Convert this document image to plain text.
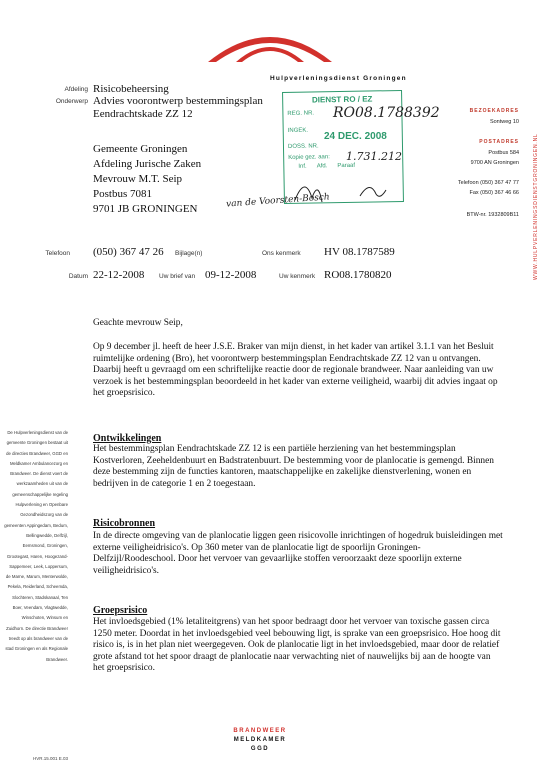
Hulpverleningsdienst Groningen
Afdeling Risicobeheersing
Onderwerp Advies voorontwerp bestemmingsplan
Eendrachtskade ZZ 12
Gemeente Groningen
Afdeling Jurische Zaken
Mevrouw M.T. Seip
Postbus 7081
9701 JB GRONINGEN	van de Voorsten-Bosch
DIENST RO / EZ
REG. NR.
INGEK.
DOSS. NR.
Kopie gez. aan:
Inf. Afd. Paraaf
RO08.1788392
24 DEC. 2008
1.731.212
BEZOEKADRES
Sontweg 10
POSTADRES
Postbus 584
9700 AN Groningen
Telefoon (050) 367 47 77
Fax (050) 367 46 66
BTW-nr. 1932809B11	WWW.HULPVERLENINGSDIENSTGRONINGEN.NL
Telefoon (050) 367 47 26 Bijlage(n)	Ons kenmerk HV 08.1787589
Datum 22-12-2008 Uw brief van 09-12-2008	Uw kenmerk RO08.1780820
De Hulpverleningsdienst van de gemeente Groningen bestaat uit de directies Brandweer, GGD en Meldkamer Ambulancezorg en Brandweer. De dienst voert de werkzaamheden uit van de gemeenschappelijke regeling Hulpverlening en Openbare Gezondheidszorg van de gemeenten Appingedam, Bedum, Bellingwedde, Delfzijl, Eemsmond, Groningen, Grootegast, Haren, Hoogezand-Sappemeer, Leek, Loppersum, de Marne, Marum, Menterwolde, Pekela, Reiderland, Scheemda, Slochteren, Stadskanaal, Ten Boer, Veendam, Vlagtwedde, Winschoten, Winsum en Zuidhorn. De directie Brandweer treedt op als brandweer van de stad Groningen en als Regionale Brandweer.
Geachte mevrouw Seip,
Op 9 december jl. heeft de heer J.S.E. Braker van mijn dienst, in het kader van artikel 3.1.1 van het Besluit ruimtelijke ordening (Bro), het voorontwerp bestemmingsplan Eendrachtskade ZZ 12 van u ontvangen. Daarbij heeft u gevraagd om een schriftelijke reactie door de regionale brandweer. Naar aanleiding van uw verzoek is het bestemmingsplan beoordeeld in het kader van externe veiligheid, waarbij dit advies ingaat op het groepsrisico.
Ontwikkelingen
Het bestemmingsplan Eendrachtskade ZZ 12 is een partiële herziening van het bestemmingsplan Kostverloren, Zeeheldenbuurt en Badstratenbuurt. De bestemming voor de planlocatie is gemengd. Binnen deze bestemming zijn de functies kantoren, maatschappelijke en zakelijke dienstverlening, wonen en bedrijven in de categorie 1 en 2 toegestaan.
Risicobronnen
In de directe omgeving van de planlocatie liggen geen risicovolle inrichtingen of hogedruk buisleidingen met externe veiligheidrisico's. Op 360 meter van de planlocatie ligt de spoorlijn Groningen-Delfzijl/Roodeschool. Door het vervoer van gevaarlijke stoffen veroorzaakt deze spoorlijn externe veiligheidrisico's.
Groepsrisico
Het invloedsgebied (1% letaliteitgrens) van het spoor bedraagt door het vervoer van toxische gassen circa 1250 meter. Doordat in het invloedsgebied veel bebouwing ligt, is sprake van een groepsrisico. Hoe hoog dit risico is, is in het plan niet weergegeven. Ook de planlocatie ligt in het invloedsgebied, maar door de relatief grote afstand tot het spoor draagt de planlocatie naar verwachting niet of nauwelijks bij aan de hoogte van het groepsrisico.
HVR.15.001 E.03
BRANDWEER
MELDKAMER
GGD
